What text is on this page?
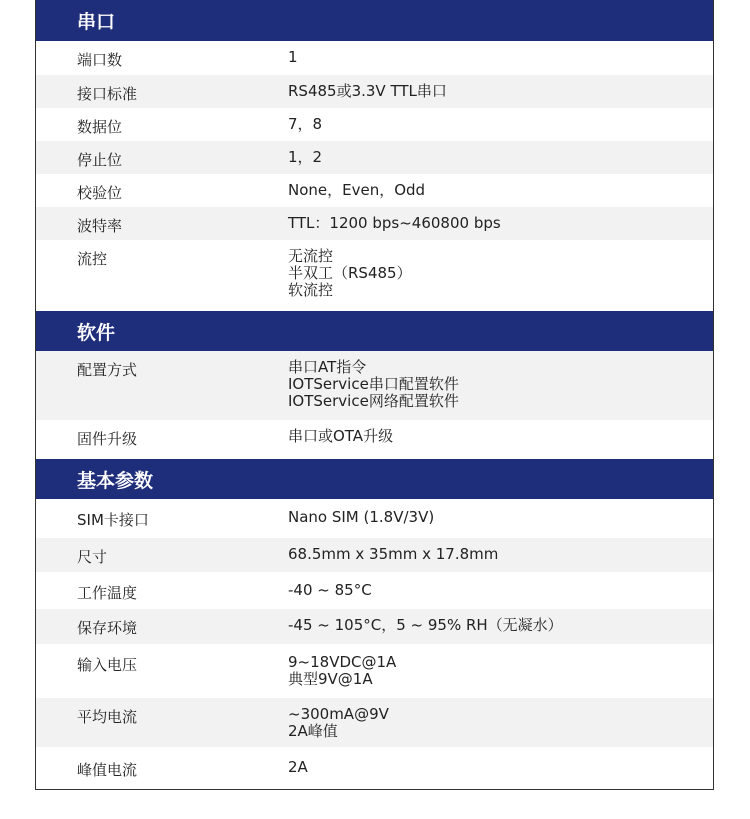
串口
端口数	1
接口标准	RS485或3.3V TTL串口
数据位	7，8
停止位	1，2
校验位	None，Even，Odd
波特率	TTL：1200 bps~460800 bps
流控	无流控
半双工（RS485）
软流控
软件
配置方式	串口AT指令
IOTService串口配置软件
IOTService网络配置软件
固件升级	串口或OTA升级
基本参数
SIM卡接口	Nano SIM (1.8V/3V)
尺寸	68.5mm x 35mm x 17.8mm
工作温度	-40 ~ 85°C
保存环境	-45 ~ 105°C，5 ~ 95% RH（无凝水）
输入电压	9~18VDC@1A
典型9V@1A
平均电流	~300mA@9V
2A峰值
峰值电流	2A
